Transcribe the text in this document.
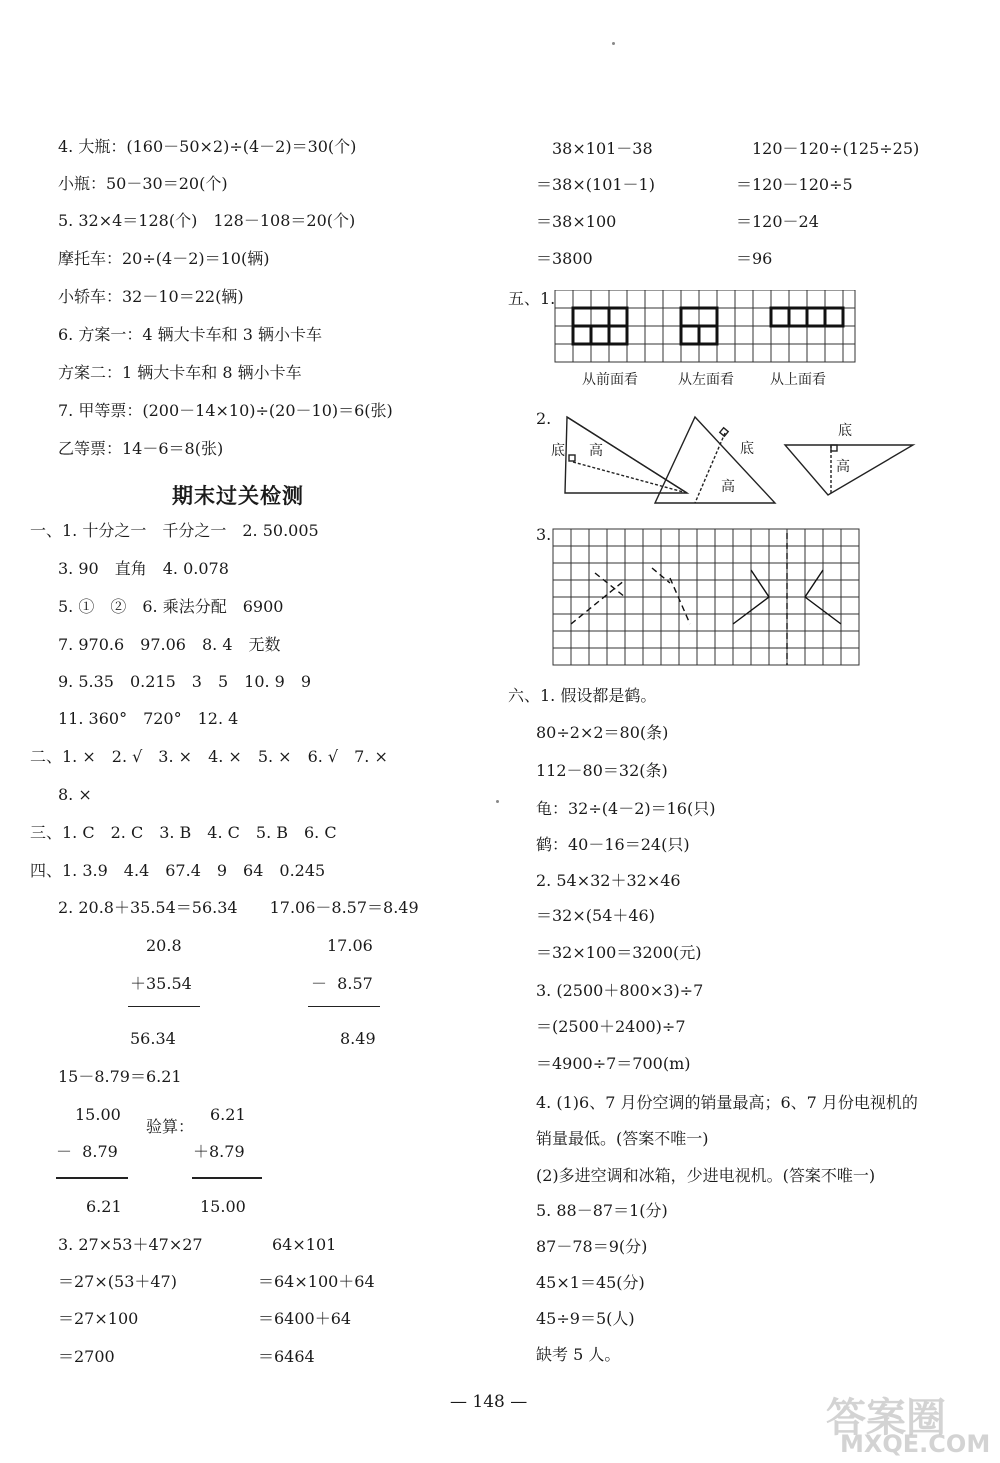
4. 大瓶：(160－50×2)÷(4－2)＝30(个)
小瓶：50－30＝20(个)
5. 32×4＝128(个)　128－108＝20(个)
摩托车：20÷(4－2)＝10(辆)
小轿车：32－10＝22(辆)
6. 方案一：4 辆大卡车和 3 辆小卡车
方案二：1 辆大卡车和 8 辆小卡车
7. 甲等票：(200－14×10)÷(20－10)＝6(张)
乙等票：14－6＝8(张)
期末过关检测
一、1. 十分之一　千分之一　2. 50.005
3. 90　直角　4. 0.078
5. ①　②　6. 乘法分配　6900
7. 970.6　97.06　8. 4　无数
9. 5.35　0.215　3　5　10. 9　9
11. 360°　720°　12. 4
二、1. ×　2. √　3. ×　4. ×　5. ×　6. √　7. ×
8. ×
三、1. C　2. C　3. B　4. C　5. B　6. C
四、1. 3.9　4.4　67.4　9　64　0.245
2. 20.8＋35.54＝56.34　　17.06－8.57＝8.49
20.8
＋35.54
56.34
17.06
－  8.57
8.49
15－8.79＝6.21
15.00
－  8.79
6.21
验算：
6.21
＋8.79
15.00
3. 27×53＋47×27
＝27×(53＋47)
＝27×100
＝2700
64×101
＝64×100＋64
＝6400＋64
＝6464
38×101－38
＝38×(101－1)
＝38×100
＝3800
120－120÷(125÷25)
＝120－120÷5
＝120－24
＝96
五、1.
从前面看	从左面看	从上面看
2.
底 高	底
高
底
高
3.
六、1. 假设都是鹤。
80÷2×2＝80(条)
112－80＝32(条)
龟：32÷(4－2)＝16(只)
鹤：40－16＝24(只)
2. 54×32＋32×46
＝32×(54＋46)
＝32×100＝3200(元)
3. (2500＋800×3)÷7
＝(2500＋2400)÷7
＝4900÷7＝700(m)
4. (1)6、7 月份空调的销量最高；6、7 月份电视机的
销量最低。(答案不唯一)
(2)多进空调和冰箱，少进电视机。(答案不唯一)
5. 88－87＝1(分)
87－78＝9(分)
45×1＝45(分)
45÷9＝5(人)
缺考 5 人。
— 148 —	答案圈
MXQE.COM
